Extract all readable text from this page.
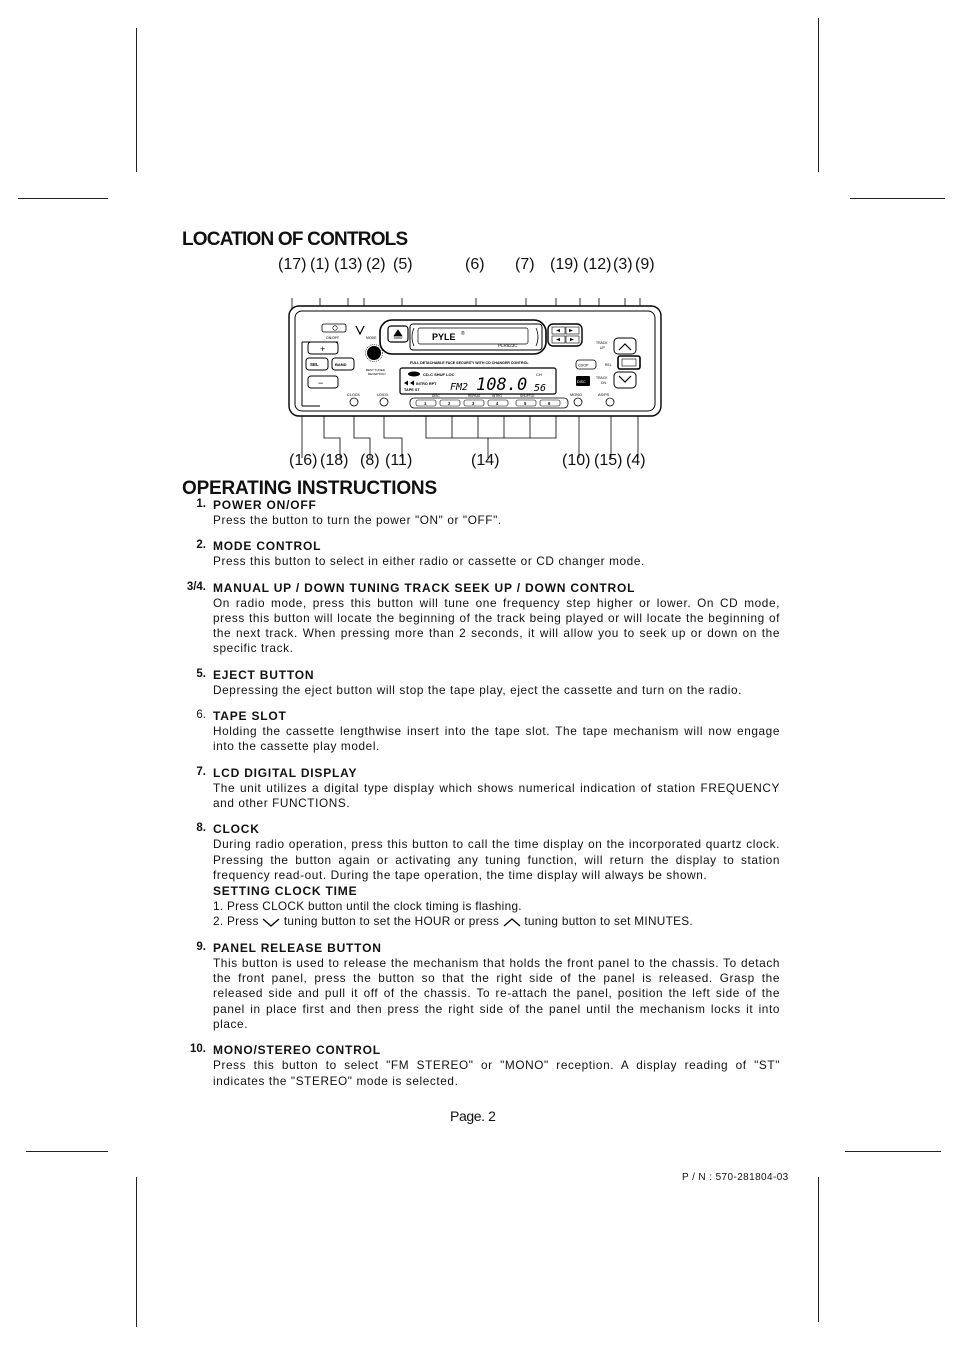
LOCATION OF CONTROLS
(17) (1) (13) (2) (5)	(6) (7) (19) (12) (3) (9)
(16) (18) (8) (11)	(14)	(10) (15) (4)
PYLE ®
PLR923C
ON/OFF	MODE
+
SEL	BAND
−
BEST TUNER
RECEPTION
FULL DETACHABLE FACE SECURITY WITH CD CHANGER CONTROL
CD-C SHUF LOC	CH
INTRO RPT
TAPE ST	FM2 108.0 56
CDOP
DISC
TRACK
UP
REL
TRACK
DN
CLOCK	LO/DX	DISC	REPEAT	INTRO	SHUFFLE
1	2	3	4	5	6
MONO	AS/PS
OPERATING INSTRUCTIONS
1. POWER ON/OFF
Press the button to turn the power "ON" or "OFF".
2. MODE CONTROL
Press this button to select in either radio or cassette or CD changer mode.
3/4. MANUAL UP / DOWN TUNING TRACK SEEK UP / DOWN CONTROL
On radio mode, press this button will tune one frequency step higher or lower. On CD mode, press this button will locate the beginning of the track being played or will locate the beginning of the next track. When pressing more than 2 seconds, it will allow you to seek up or down on the specific track.
5. EJECT BUTTON
Depressing the eject button will stop the tape play, eject the cassette and turn on the radio.
6. TAPE SLOT
Holding the cassette lengthwise insert into the tape slot. The tape mechanism will now engage into the cassette play model.
7. LCD DIGITAL DISPLAY
The unit utilizes a digital type display which shows numerical indication of station FREQUENCY and other FUNCTIONS.
8. CLOCK
During radio operation, press this button to call the time display on the incorporated quartz clock. Pressing the button again or activating any tuning function, will return the display to station frequency read-out. During the tape operation, the time display will always be shown.
SETTING CLOCK TIME
1. Press CLOCK button until the clock timing is flashing.
2. Press tuning button to set the HOUR or press tuning button to set MINUTES.
9. PANEL RELEASE BUTTON
This button is used to release the mechanism that holds the front panel to the chassis. To detach the front panel, press the button so that the right side of the panel is released. Grasp the released side and pull it off of the chassis. To re-attach the panel, position the left side of the panel in place first and then press the right side of the panel until the mechanism locks it into place.
10. MONO/STEREO CONTROL
Press this button to select "FM STEREO" or "MONO" reception. A display reading of "ST" indicates the "STEREO" mode is selected.
Page. 2
P / N : 570-281804-03
